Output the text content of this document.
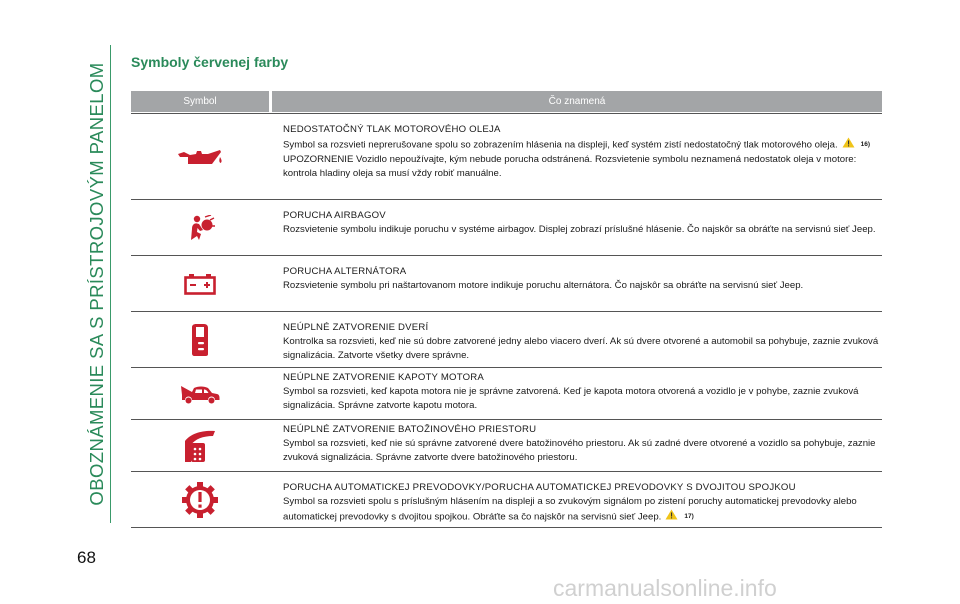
OBOZNÁMENIE SA S PRÍSTROJOVÝM PANELOM
68
Symboly červenej farby
Symbol	Čo znamená

NEDOSTATOČNÝ TLAK MOTOROVÉHO OLEJA

Symbol sa rozsvieti neprerušovane spolu so zobrazením hlásenia na displeji, keď systém zistí nedostatočný tlak motorového oleja.	16)

UPOZORNENIE Vozidlo nepoužívajte, kým nebude porucha odstránená. Rozsvietenie symbolu neznamená nedostatok oleja v motore: kontrola hladiny oleja sa musí vždy robiť manuálne.

PORUCHA AIRBAGOV

Rozsvietenie symbolu indikuje poruchu v systéme airbagov. Displej zobrazí príslušné hlásenie. Čo najskôr sa obráťte na servisnú sieť Jeep.

PORUCHA ALTERNÁTORA

Rozsvietenie symbolu pri naštartovanom motore indikuje poruchu alternátora. Čo najskôr sa obráťte na servisnú sieť Jeep.

NEÚPLNÉ ZATVORENIE DVERÍ

Kontrolka sa rozsvieti, keď nie sú dobre zatvorené jedny alebo viacero dverí. Ak sú dvere otvorené a automobil sa pohybuje, zaznie zvuková signalizácia. Zatvorte všetky dvere správne.

NEÚPLNE ZATVORENIE KAPOTY MOTORA

Symbol sa rozsvieti, keď kapota motora nie je správne zatvorená. Keď je kapota motora otvorená a vozidlo je v pohybe, zaznie zvuková signalizácia. Správne zatvorte kapotu motora.

NEÚPLNÉ ZATVORENIE BATOŽINOVÉHO PRIESTORU

Symbol sa rozsvieti, keď nie sú správne zatvorené dvere batožinového priestoru. Ak sú zadné dvere otvorené a vozidlo sa pohybuje, zaznie zvuková signalizácia. Správne zatvorte dvere batožinového priestoru.

PORUCHA AUTOMATICKEJ PREVODOVKY/PORUCHA AUTOMATICKEJ PREVODOVKY S DVOJITOU SPOJKOU

Symbol sa rozsvieti spolu s príslušným hlásením na displeji a so zvukovým signálom po zistení poruchy automatickej prevodovky alebo automatickej prevodovky s dvojitou spojkou. Obráťte sa čo najskôr na servisnú sieť Jeep.	17)

carmanualsonline.info
